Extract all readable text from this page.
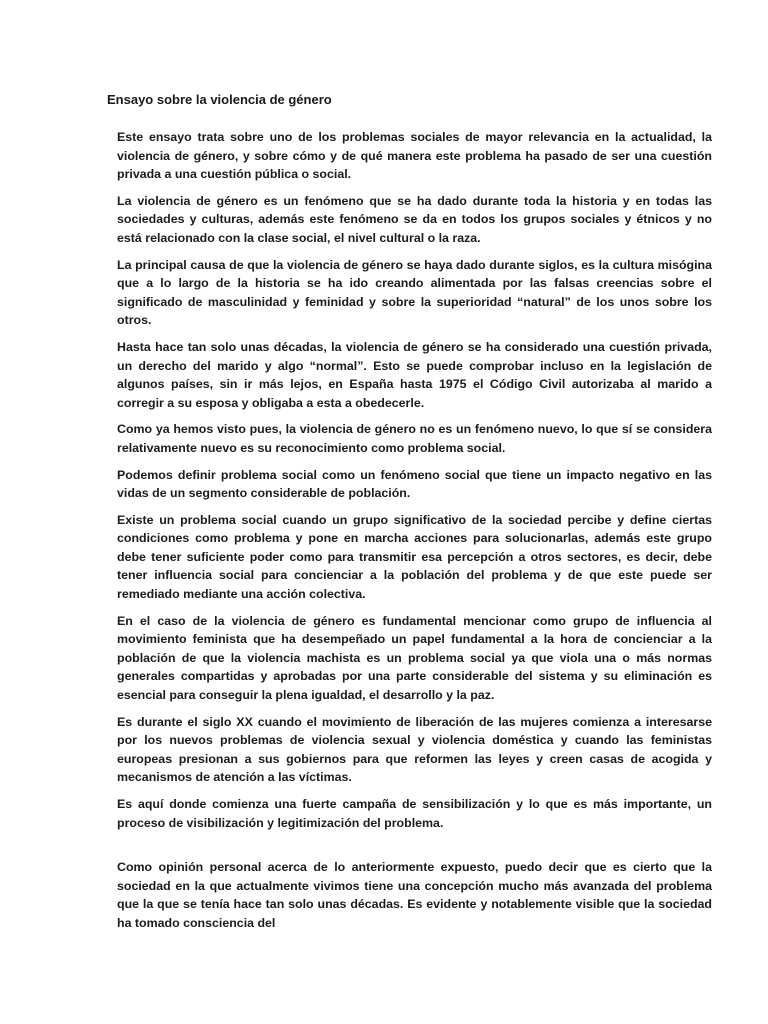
Ensayo sobre la violencia de género

Este ensayo trata sobre uno de los problemas sociales de mayor relevancia en la actualidad, la violencia de género, y sobre cómo y de qué manera este problema ha pasado de ser una cuestión privada a una cuestión pública o social.

La violencia de género es un fenómeno que se ha dado durante toda la historia y en todas las sociedades y culturas, además este fenómeno se da en todos los grupos sociales y étnicos y no está relacionado con la clase social, el nivel cultural o la raza.

La principal causa de que la violencia de género se haya dado durante siglos, es la cultura misógina que a lo largo de la historia se ha ido creando alimentada por las falsas creencias sobre el significado de masculinidad y feminidad y sobre la superioridad “natural” de los unos sobre los otros.

Hasta hace tan solo unas décadas, la violencia de género se ha considerado una cuestión privada, un derecho del marido y algo “normal”. Esto se puede comprobar incluso en la legislación de algunos países, sin ir más lejos, en España hasta 1975 el Código Civil autorizaba al marido a corregir a su esposa y obligaba a esta a obedecerle.

Como ya hemos visto pues, la violencia de género no es un fenómeno nuevo, lo que sí se considera relativamente nuevo es su reconocimiento como problema social.

Podemos definir problema social como un fenómeno social que tiene un impacto negativo en las vidas de un segmento considerable de población.

Existe un problema social cuando un grupo significativo de la sociedad percibe y define ciertas condiciones como problema y pone en marcha acciones para solucionarlas, además este grupo debe tener suficiente poder como para transmitir esa percepción a otros sectores, es decir, debe tener influencia social para concienciar a la población del problema y de que este puede ser remediado mediante una acción colectiva.

En el caso de la violencia de género es fundamental mencionar como grupo de influencia al movimiento feminista que ha desempeñado un papel fundamental a la hora de concienciar a la población de que la violencia machista es un problema social ya que viola una o más normas generales compartidas y aprobadas por una parte considerable del sistema y su eliminación es esencial para conseguir la plena igualdad, el desarrollo y la paz.

Es durante el siglo XX cuando el movimiento de liberación de las mujeres comienza a interesarse por los nuevos problemas de violencia sexual y violencia doméstica y cuando las feministas europeas presionan a sus gobiernos para que reformen las leyes y creen casas de acogida y mecanismos de atención a las víctimas.

Es aquí donde comienza una fuerte campaña de sensibilización y lo que es más importante, un proceso de visibilización y legitimización del problema.

Como opinión personal acerca de lo anteriormente expuesto, puedo decir que es cierto que la sociedad en la que actualmente vivimos tiene una concepción mucho más avanzada del problema que la que se tenía hace tan solo unas décadas. Es evidente y notablemente visible que la sociedad ha tomado consciencia del
